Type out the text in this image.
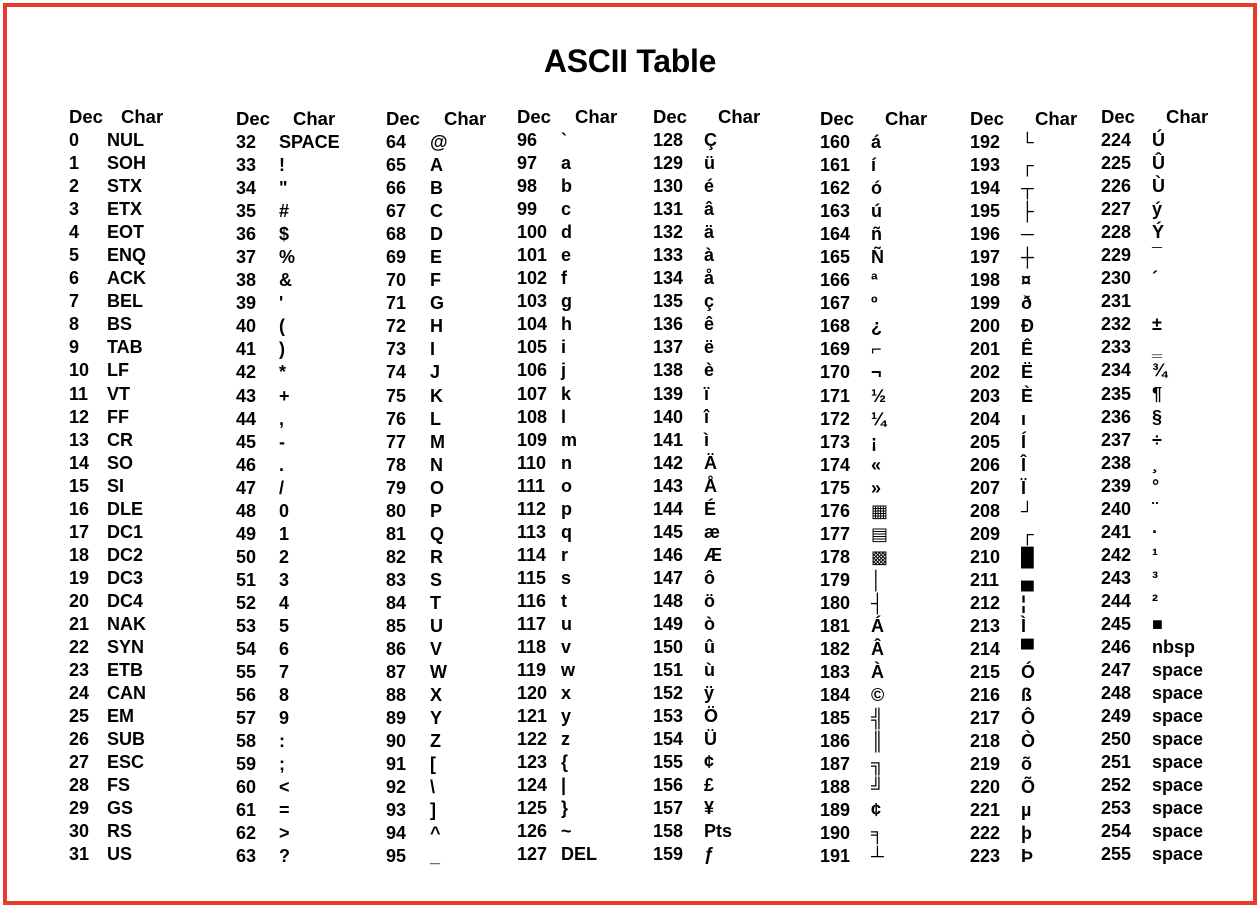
ASCII Table
Dec Char
0 NUL
1 SOH
2 STX
3 ETX
4 EOT
5 ENQ
6 ACK
7 BEL
8 BS
9 TAB
10 LF
11 VT
12 FF
13 CR
14 SO
15 SI
16 DLE
17 DC1
18 DC2
19 DC3
20 DC4
21 NAK
22 SYN
23 ETB
24 CAN
25 EM
26 SUB
27 ESC
28 FS
29 GS
30 RS
31 US
Dec Char
32 SPACE
33 !
34 "
35 #
36 $
37 %
38 &
39 '
40 (
41 )
42 *
43 +
44 ,
45 -
46 .
47 /
48 0
49 1
50 2
51 3
52 4
53 5
54 6
55 7
56 8
57 9
58 :
59 ;
60 <
61 =
62 >
63 ?
Dec Char
64 @
65 A
66 B
67 C
68 D
69 E
70 F
71 G
72 H
73 I
74 J
75 K
76 L
77 M
78 N
79 O
80 P
81 Q
82 R
83 S
84 T
85 U
86 V
87 W
88 X
89 Y
90 Z
91 [
92 \
93 ]
94 ^
95 _
Dec Char
96 `
97 a
98 b
99 c
100 d
101 e
102 f
103 g
104 h
105 i
106 j
107 k
108 l
109 m
110 n
111 o
112 p
113 q
114 r
115 s
116 t
117 u
118 v
119 w
120 x
121 y
122 z
123 {
124 |
125 }
126 ~
127 DEL
Dec Char
128 Ç
129 ü
130 é
131 â
132 ä
133 à
134 å
135 ç
136 ê
137 ë
138 è
139 ï
140 î
141 ì
142 Ä
143 Å
144 É
145 æ
146 Æ
147 ô
148 ö
149 ò
150 û
151 ù
152 ÿ
153 Ö
154 Ü
155 ¢
156 £
157 ¥
158 Pts
159 ƒ
Dec Char
160 á
161 í
162 ó
163 ú
164 ñ
165 Ñ
166 ª
167 º
168 ¿
169 ⌐
170 ¬
171 ½
172 ¼
173 ¡
174 «
175 »
176 ▦
177 ▤
178 ▩
179 │
180 ┤
181 Á
182 Â
183 À
184 ©
185 ╣
186 ║
187 ╗
188 ╝
189 ¢
190 ╕
191 ┴
Dec Char
192 └
193 ┌
194 ┬
195 ├
196 ─
197 ┼
198 ¤
199 ð
200 Ð
201 Ê
202 Ë
203 È
204 ı
205 Í
206 Î
207 Ï
208 ┘
209 ┌
210 █
211 ▄
212 ¦
213 Ì
214 ▀
215 Ó
216 ß
217 Ô
218 Ò
219 õ
220 Õ
221 µ
222 þ
223 Þ
Dec Char
224 Ú
225 Û
226 Ù
227 ý
228 Ý
229 ¯
230 ´
231
232 ±
233 ‗
234 ¾
235 ¶
236 §
237 ÷
238 ¸
239 °
240 ¨
241 ·
242 ¹
243 ³
244 ²
245 ■
246 nbsp
247 space
248 space
249 space
250 space
251 space
252 space
253 space
254 space
255 space
